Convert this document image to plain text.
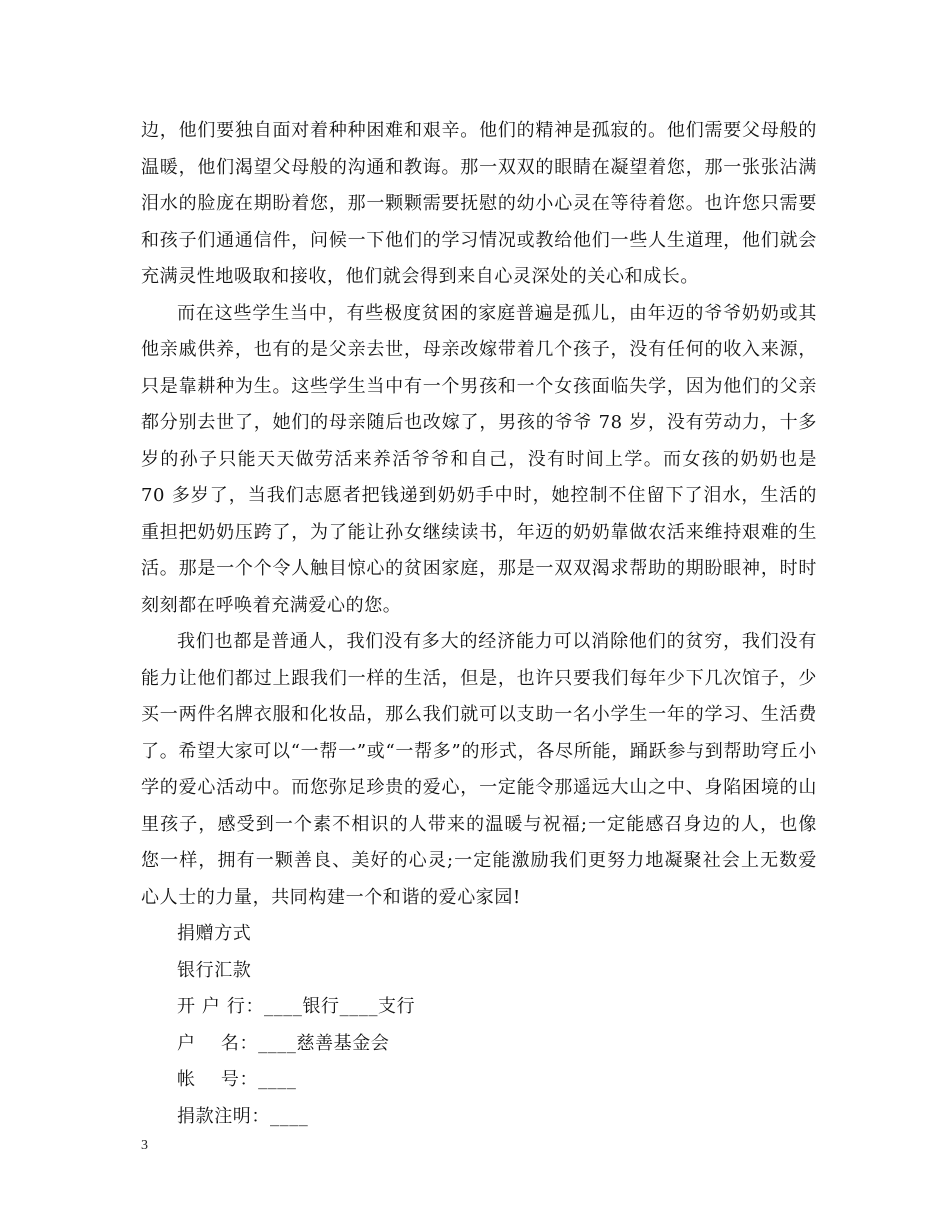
边，他们要独自面对着种种困难和艰辛。他们的精神是孤寂的。他们需要父母般的温暖，他们渴望父母般的沟通和教诲。那一双双的眼睛在凝望着您，那一张张沾满泪水的脸庞在期盼着您，那一颗颗需要抚慰的幼小心灵在等待着您。也许您只需要和孩子们通通信件，问候一下他们的学习情况或教给他们一些人生道理，他们就会充满灵性地吸取和接收，他们就会得到来自心灵深处的关心和成长。

而在这些学生当中，有些极度贫困的家庭普遍是孤儿，由年迈的爷爷奶奶或其他亲戚供养，也有的是父亲去世，母亲改嫁带着几个孩子，没有任何的收入来源，只是靠耕种为生。这些学生当中有一个男孩和一个女孩面临失学，因为他们的父亲都分别去世了，她们的母亲随后也改嫁了，男孩的爷爷 78 岁，没有劳动力，十多岁的孙子只能天天做劳活来养活爷爷和自己，没有时间上学。而女孩的奶奶也是 70 多岁了，当我们志愿者把钱递到奶奶手中时，她控制不住留下了泪水，生活的重担把奶奶压跨了，为了能让孙女继续读书，年迈的奶奶靠做农活来维持艰难的生活。那是一个个令人触目惊心的贫困家庭，那是一双双渴求帮助的期盼眼神，时时刻刻都在呼唤着充满爱心的您。

我们也都是普通人，我们没有多大的经济能力可以消除他们的贫穷，我们没有能力让他们都过上跟我们一样的生活，但是，也许只要我们每年少下几次馆子，少买一两件名牌衣服和化妆品，那么我们就可以支助一名小学生一年的学习、生活费了。希望大家可以“一帮一”或“一帮多”的形式，各尽所能，踊跃参与到帮助穹丘小学的爱心活动中。而您弥足珍贵的爱心，一定能令那遥远大山之中、身陷困境的山里孩子，感受到一个素不相识的人带来的温暖与祝福;一定能感召身边的人，也像您一样，拥有一颗善良、美好的心灵;一定能激励我们更努力地凝聚社会上无数爱心人士的力量，共同构建一个和谐的爱心家园!

捐赠方式

银行汇款

开 户 行：____银行____支行

户    名：____慈善基金会

帐    号：____

捐款注明：____

3
